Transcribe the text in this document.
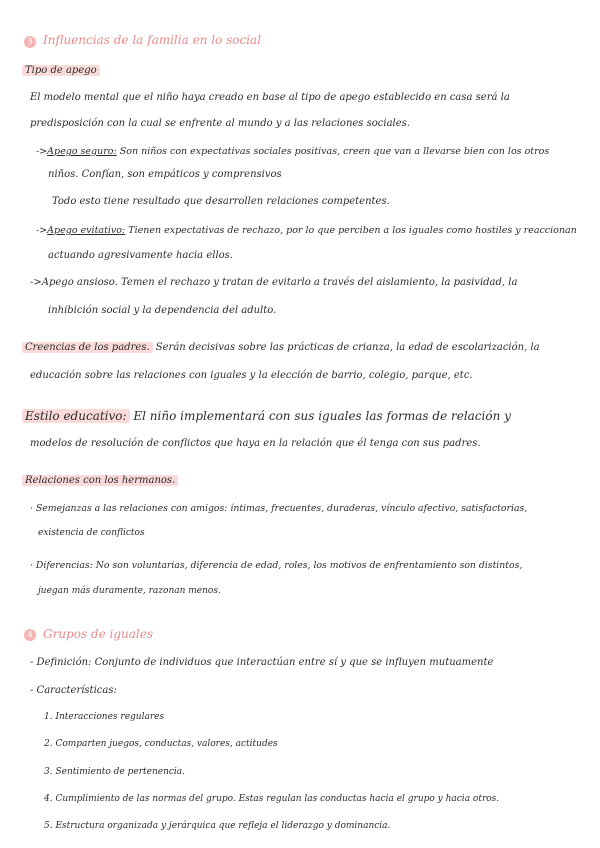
3 Influencias de la familia en lo social
Tipo de apego
El modelo mental que el niño haya creado en base al tipo de apego establecido en casa será la
predisposición con la cual se enfrente al mundo y a las relaciones sociales.
->Apego seguro: Son niños con expectativas sociales positivas, creen que van a llevarse bien con los otros
niños. Confían, son empáticos y comprensivos
Todo esto tiene resultado que desarrollen relaciones competentes.
->Apego evitativo: Tienen expectativas de rechazo, por lo que perciben a los iguales como hostiles y reaccionan
actuando agresivamente hacia ellos.
->Apego ansioso. Temen el rechazo y tratan de evitarlo a través del aislamiento, la pasividad, la
inhibición social y la dependencia del adulto.
Creencias de los padres. Serán decisivas sobre las prácticas de crianza, la edad de escolarización, la
educación sobre las relaciones con iguales y la elección de barrio, colegio, parque, etc.
Estilo educativo: El niño implementará con sus iguales las formas de relación y
modelos de resolución de conflictos que haya en la relación que él tenga con sus padres.
Relaciones con los hermanos.
· Semejanzas a las relaciones con amigos: íntimas, frecuentes, duraderas, vínculo afectivo, satisfactorias,
existencia de conflictos
· Diferencias: No son voluntarias, diferencia de edad, roles, los motivos de enfrentamiento son distintos,
juegan más duramente, razonan menos.
4 Grupos de iguales
- Definición: Conjunto de individuos que interactúan entre sí y que se influyen mutuamente
- Características:
1. Interacciones regulares
2. Comparten juegos, conductas, valores, actitudes
3. Sentimiento de pertenencia.
4. Cumplimiento de las normas del grupo. Estas regulan las conductas hacia el grupo y hacia otros.
5. Estructura organizada y jerárquica que refleja el liderazgo y dominancia.
